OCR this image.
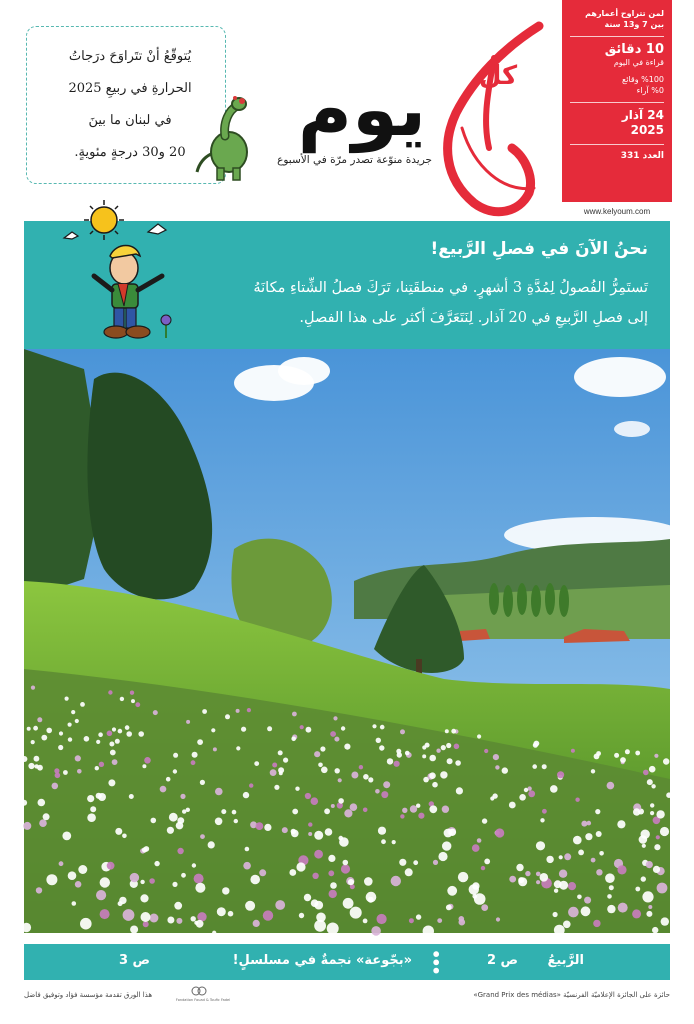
لمن تتراوح أعمارهم
بين 7 و13 سنة
10 دقائق
قراءة في اليوم
%100 وقائع
%0 آراء
24 آذار
2025
العدد 331
يوم	كل
جريدة منوّعة تصدر مرّة في الأسبوع
www.kelyoum.com
يُتوقّعُ أنْ تتَراوَحَ درَجاتُ
الحرارةِ في ربيعِ 2025
في لبنان ما بينَ
20 و30 درجةٍ مئويةٍ.
نحنُ الآنَ في فصلِ الرَّبيع!
تَستَمِرُّ الفُصولُ لِمُدَّةِ 3 أشهرٍ. في منطقَتِنا، تَرَكَ فصلُ الشِّتاءِ مكانَهُ
إلى فصلِ الرَّبيعِ في 20 آذار. لِنَتَعَرَّفَ أكثر على هذا الفصلِ.
الرَّبيعُ
ص 2
•••
«بجّوعة» نجمةٌ في مسلسلٍ!
ص 3
حائزة على الجائزة الإعلاميّة الفرنسيّة «Grand Prix des médias»
Fondation Fouad & Toufic Fadel
هذا الورق تقدمة مؤسسة فؤاد وتوفيق فاضل
